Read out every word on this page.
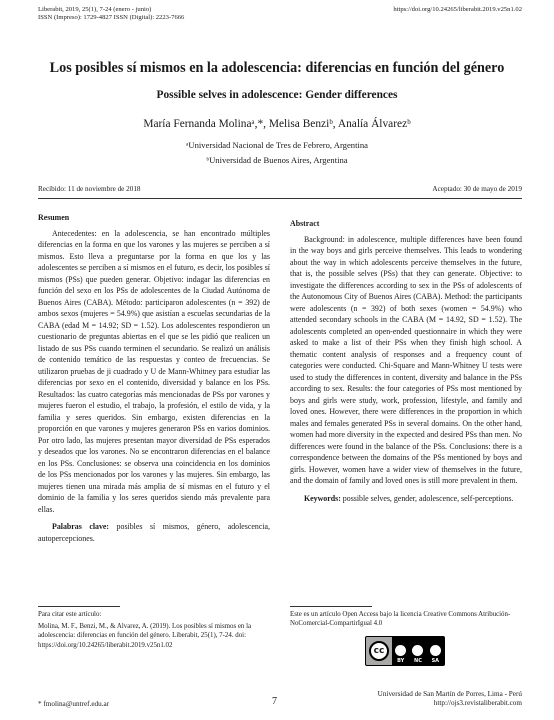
Liberabit, 2019, 25(1), 7-24 (enero - junio)
ISSN (Impreso): 1729-4827 ISSN (Digital): 2223-7666
https://doi.org/10.24265/liberabit.2019.v25n1.02
Los posibles sí mismos en la adolescencia: diferencias en función del género
Possible selves in adolescence: Gender differences
María Fernanda Molinaᵃ,*, Melisa Benziᵇ, Analía Álvarezᵇ
ᵃUniversidad Nacional de Tres de Febrero, Argentina
ᵇUniversidad de Buenos Aires, Argentina
Recibido: 11 de noviembre de 2018	Aceptado: 30 de mayo de 2019
Resumen
Antecedentes: en la adolescencia, se han encontrado múltiples diferencias en la forma en que los varones y las mujeres se perciben a sí mismos. Esto lleva a preguntarse por la forma en que los y las adolescentes se perciben a sí mismos en el futuro, es decir, los posibles sí mismos (PSs) que pueden generar. Objetivo: indagar las diferencias en función del sexo en los PSs de adolescentes de la Ciudad Autónoma de Buenos Aires (CABA). Método: participaron adolescentes (n = 392) de ambos sexos (mujeres = 54.9%) que asistían a escuelas secundarias de la CABA (edad M = 14.92; SD = 1.52). Los adolescentes respondieron un cuestionario de preguntas abiertas en el que se les pidió que realicen un listado de sus PSs cuando terminen el secundario. Se realizó un análisis de contenido temático de las respuestas y conteo de frecuencias. Se utilizaron pruebas de ji cuadrado y U de Mann-Whitney para estudiar las diferencias por sexo en el contenido, diversidad y balance en los PSs. Resultados: las cuatro categorías más mencionadas de PSs por varones y mujeres fueron el estudio, el trabajo, la profesión, el estilo de vida, y la familia y seres queridos. Sin embargo, existen diferencias en la proporción en que varones y mujeres generaron PSs en varios dominios. Por otro lado, las mujeres presentan mayor diversidad de PSs esperados y deseados que los varones. No se encontraron diferencias en el balance en los PSs. Conclusiones: se observa una coincidencia en los dominios de los PSs mencionados por los varones y las mujeres. Sin embargo, las mujeres tienen una mirada más amplia de sí mismas en el futuro y el dominio de la familia y los seres queridos siendo más prevalente para ellas.
Palabras clave: posibles sí mismos, género, adolescencia, autopercepciones.
Abstract
Background: in adolescence, multiple differences have been found in the way boys and girls perceive themselves. This leads to wondering about the way in which adolescents perceive themselves in the future, that is, the possible selves (PSs) that they can generate. Objective: to investigate the differences according to sex in the PSs of adolescents of the Autonomous City of Buenos Aires (CABA). Method: the participants were adolescents (n = 392) of both sexes (women = 54.9%) who attended secondary schools in the CABA (M = 14.92, SD = 1.52). The adolescents completed an open-ended questionnaire in which they were asked to make a list of their PSs when they finish high school. A thematic content analysis of responses and a frequency count of categories were conducted. Chi-Square and Mann-Whitney U tests were used to study the differences in content, diversity and balance in the PSs according to sex. Results: the four categories of PSs most mentioned by boys and girls were study, work, profession, lifestyle, and family and loved ones. However, there were differences in the proportion in which males and females generated PSs in several domains. On the other hand, women had more diversity in the expected and desired PSs than men. No differences were found in the balance of the PSs. Conclusions: there is a correspondence between the domains of the PSs mentioned by boys and girls. However, women have a wider view of themselves in the future, and the domain of family and loved ones is still more prevalent in them.
Keywords: possible selves, gender, adolescence, self-perceptions.
Para citar este artículo:
Molina, M. F., Benzi, M., & Alvarez, A. (2019). Los posibles sí mismos en la adolescencia: diferencias en función del género. Liberabit, 25(1), 7-24. doi: https://doi.org/10.24265/liberabit.2019.v25n1.02
Este es un artículo Open Access bajo la licencia Creative Commons Atribución-NoComercial-CompartirIgual 4.0
cc
BY NC SA
* fmolina@untref.edu.ar	7
Universidad de San Martín de Porres, Lima - Perú
http://ojs3.revistaliberabit.com
